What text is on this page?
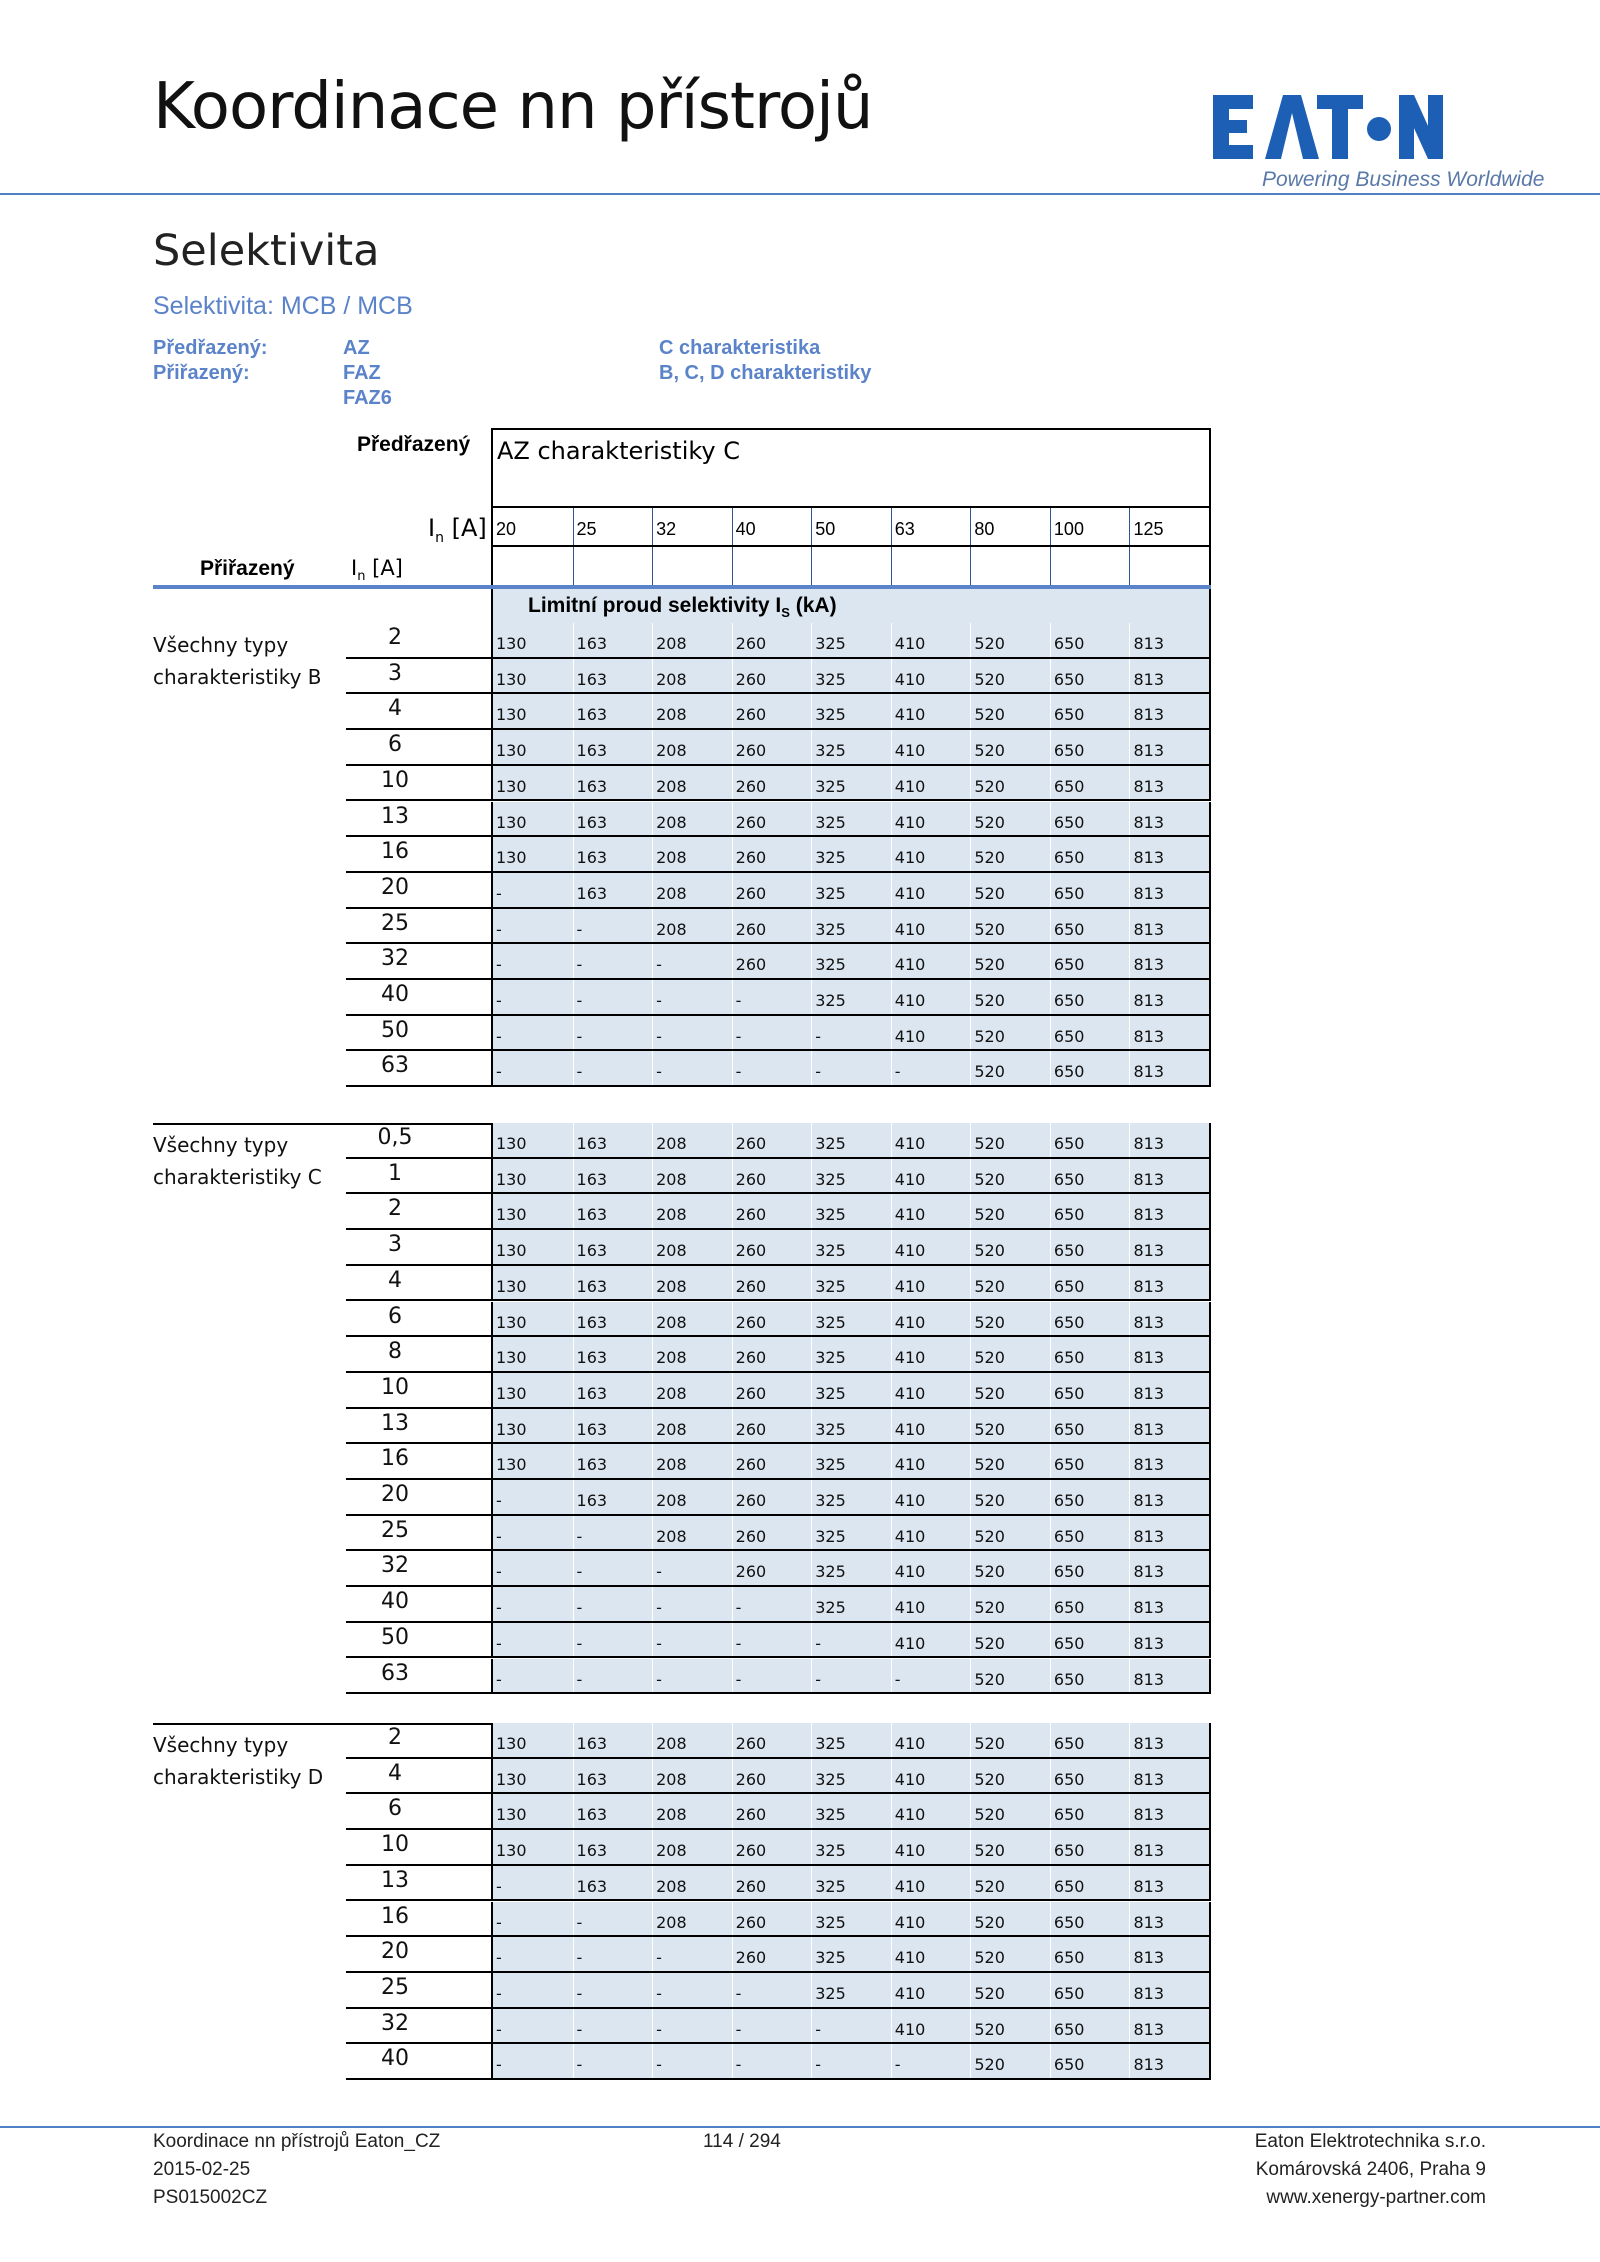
Koordinace nn přístrojů
Powering Business Worldwide
Selektivita
Selektivita: MCB / MCB
Předřazený:
Přiřazený:
AZ
FAZ
FAZ6
C charakteristika
B, C, D charakteristiky
Předřazený AZ charakteristiky C
$I_n$ [A] 20	25	32	40	50	63	80	100	125
Přiřazený	$I_n$ [A]
Limitní proud selektivity $I_S$ (kA)
Všechny typy
charakteristiky B
2	130	163	208	260	325	410	520	650	813
3	130	163	208	260	325	410	520	650	813
4	130	163	208	260	325	410	520	650	813
6	130	163	208	260	325	410	520	650	813
10	130	163	208	260	325	410	520	650	813
13	130	163	208	260	325	410	520	650	813
16	130	163	208	260	325	410	520	650	813
20	-	163	208	260	325	410	520	650	813
25	-	-	208	260	325	410	520	650	813
32	-	-	-	260	325	410	520	650	813
40	-	-	-	-	325	410	520	650	813
50	-	-	-	-	-	410	520	650	813
63	-	-	-	-	-	-	520	650	813
Všechny typy
charakteristiky C
0,5	130	163	208	260	325	410	520	650	813
1	130	163	208	260	325	410	520	650	813
2	130	163	208	260	325	410	520	650	813
3	130	163	208	260	325	410	520	650	813
4	130	163	208	260	325	410	520	650	813
6	130	163	208	260	325	410	520	650	813
8	130	163	208	260	325	410	520	650	813
10	130	163	208	260	325	410	520	650	813
13	130	163	208	260	325	410	520	650	813
16	130	163	208	260	325	410	520	650	813
20	-	163	208	260	325	410	520	650	813
25	-	-	208	260	325	410	520	650	813
32	-	-	-	260	325	410	520	650	813
40	-	-	-	-	325	410	520	650	813
50	-	-	-	-	-	410	520	650	813
63	-	-	-	-	-	-	520	650	813
Všechny typy
charakteristiky D
2	130	163	208	260	325	410	520	650	813
4	130	163	208	260	325	410	520	650	813
6	130	163	208	260	325	410	520	650	813
10	130	163	208	260	325	410	520	650	813
13	-	163	208	260	325	410	520	650	813
16	-	-	208	260	325	410	520	650	813
20	-	-	-	260	325	410	520	650	813
25	-	-	-	-	325	410	520	650	813
32	-	-	-	-	-	410	520	650	813
40	-	-	-	-	-	-	520	650	813
Koordinace nn přístrojů Eaton_CZ
2015-02-25
PS015002CZ
114 / 294	Eaton Elektrotechnika s.r.o.
Komárovská 2406, Praha 9
www.xenergy-partner.com
